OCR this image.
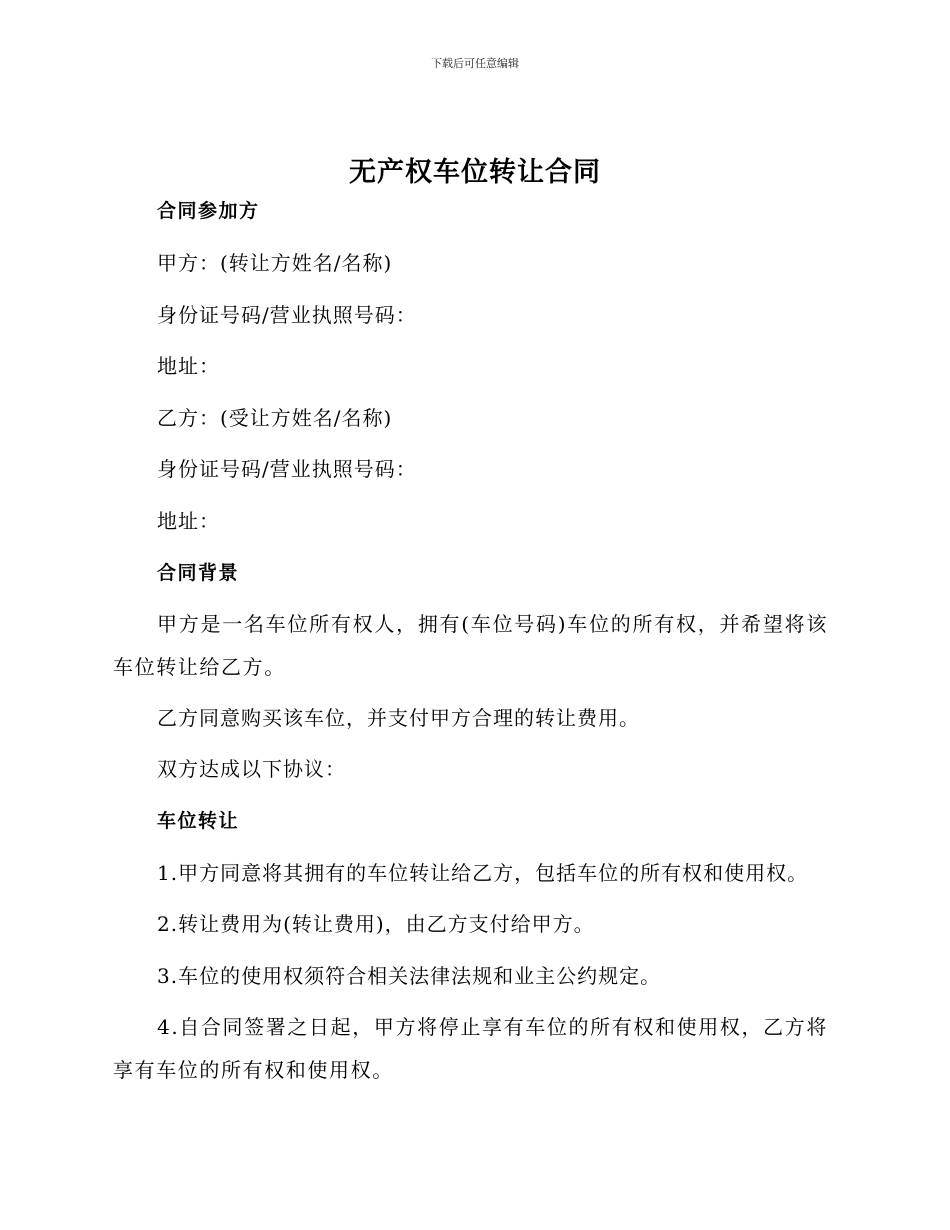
下载后可任意编辑
无产权车位转让合同
合同参加方
甲方：(转让方姓名/名称)
身份证号码/营业执照号码：
地址：
乙方：(受让方姓名/名称)
身份证号码/营业执照号码：
地址：
合同背景
甲方是一名车位所有权人，拥有(车位号码)车位的所有权，并希望将该车位转让给乙方。
乙方同意购买该车位，并支付甲方合理的转让费用。
双方达成以下协议：
车位转让
1.甲方同意将其拥有的车位转让给乙方，包括车位的所有权和使用权。
2.转让费用为(转让费用)，由乙方支付给甲方。
3.车位的使用权须符合相关法律法规和业主公约规定。
4.自合同签署之日起，甲方将停止享有车位的所有权和使用权，乙方将享有车位的所有权和使用权。
